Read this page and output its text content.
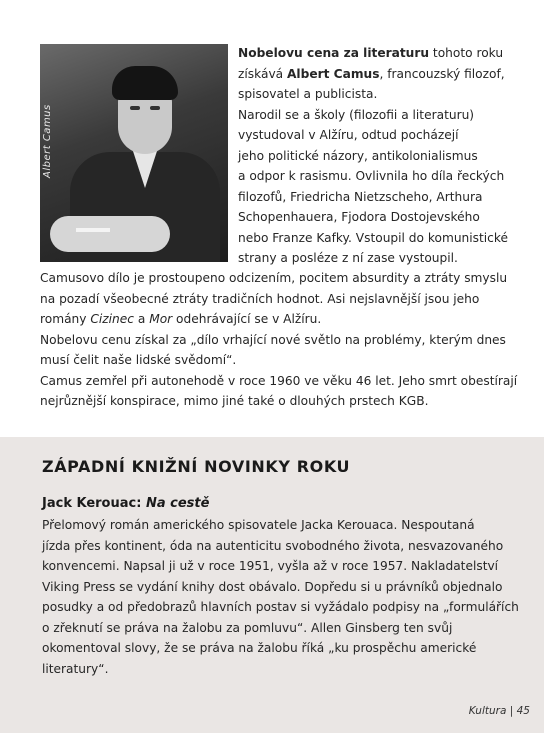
Albert Camus
Nobelovu cena za literaturu tohoto roku
získává Albert Camus, francouzský filozof,
spisovatel a publicista.
Narodil se a školy (filozofii a literaturu)
vystudoval v Alžíru, odtud pocházejí
jeho politické názory, antikolonialismus
a odpor k rasismu. Ovlivnila ho díla řeckých
filozofů, Friedricha Nietzscheho, Arthura
Schopenhauera, Fjodora Dostojevského
nebo Franze Kafky. Vstoupil do komunistické
strany a posléze z ní zase vystoupil.
Camusovo dílo je prostoupeno odcizením, pocitem absurdity a ztráty smyslu
na pozadí všeobecné ztráty tradičních hodnot. Asi nejslavnější jsou jeho
romány Cizinec a Mor odehrávající se v Alžíru.
Nobelovu cenu získal za „dílo vrhající nové světlo na problémy, kterým dnes
musí čelit naše lidské svědomí“.
Camus zemřel při autonehodě v roce 1960 ve věku 46 let. Jeho smrt obestírají
nejrůznější konspirace, mimo jiné také o dlouhých prstech KGB.
ZÁPADNÍ KNIŽNÍ NOVINKY ROKU
Jack Kerouac: Na cestě
Přelomový román amerického spisovatele Jacka Kerouaca. Nespoutaná
jízda přes kontinent, óda na autenticitu svobodného života, nesvazovaného
konvencemi. Napsal ji už v roce 1951, vyšla až v roce 1957. Nakladatelství
Viking Press se vydání knihy dost obávalo. Dopředu si u právníků objednalo
posudky a od předobrazů hlavních postav si vyžádalo podpisy na „formulářích
o zřeknutí se práva na žalobu za pomluvu“. Allen Ginsberg ten svůj
okomentoval slovy, že se práva na žalobu říká „ku prospěchu americké
literatury“.
Kultura | 45
